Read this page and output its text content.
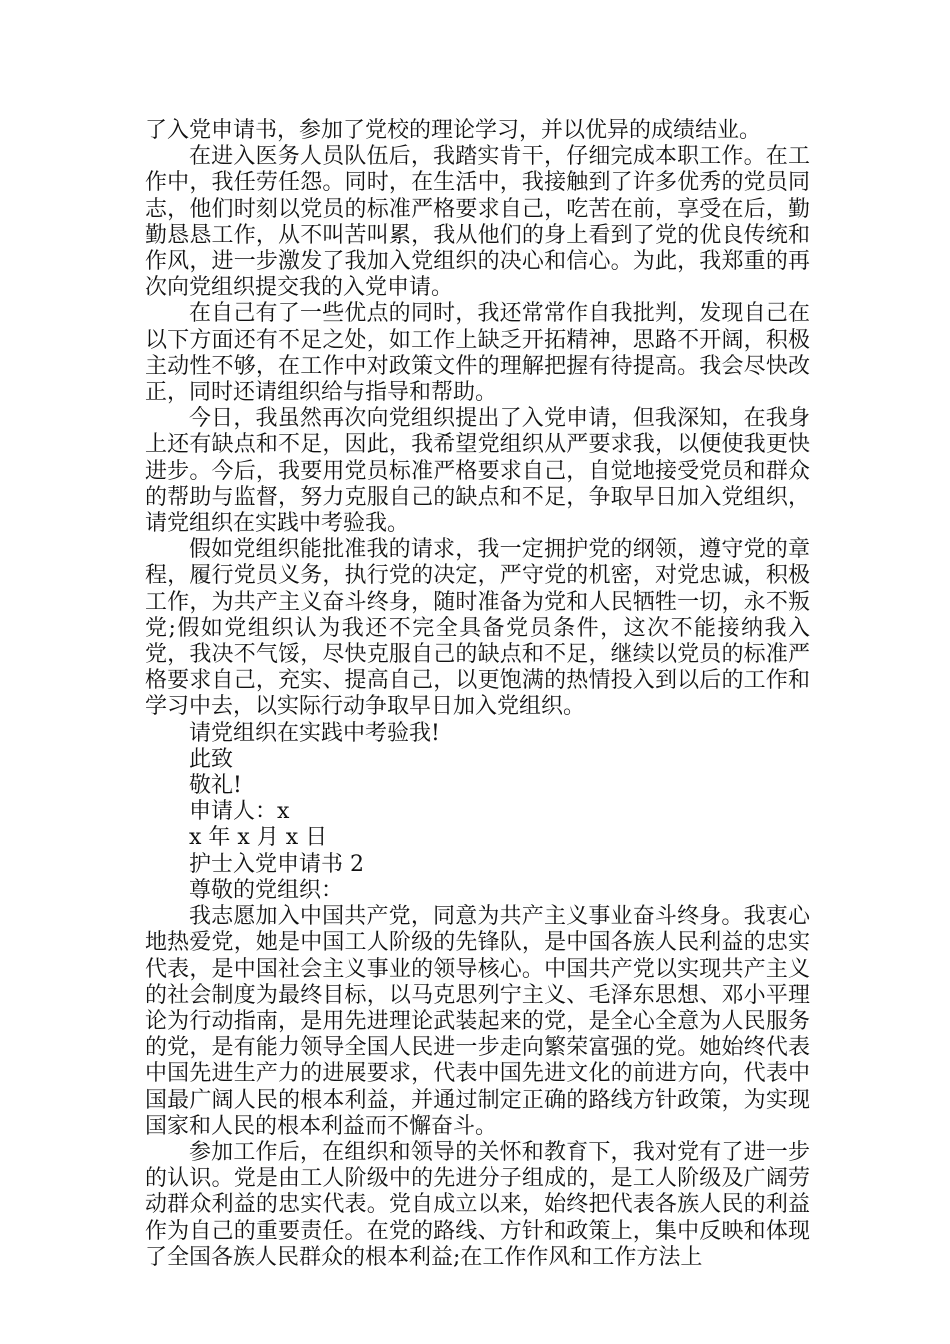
了入党申请书，参加了党校的理论学习，并以优异的成绩结业。

在进入医务人员队伍后，我踏实肯干，仔细完成本职工作。在工作中，我任劳任怨。同时，在生活中，我接触到了许多优秀的党员同志，他们时刻以党员的标准严格要求自己，吃苦在前，享受在后，勤勤恳恳工作，从不叫苦叫累，我从他们的身上看到了党的优良传统和作风，进一步激发了我加入党组织的决心和信心。为此，我郑重的再次向党组织提交我的入党申请。

在自己有了一些优点的同时，我还常常作自我批判，发现自己在以下方面还有不足之处，如工作上缺乏开拓精神，思路不开阔，积极主动性不够，在工作中对政策文件的理解把握有待提高。我会尽快改正，同时还请组织给与指导和帮助。

今日，我虽然再次向党组织提出了入党申请，但我深知，在我身上还有缺点和不足，因此，我希望党组织从严要求我，以便使我更快进步。今后，我要用党员标准严格要求自己，自觉地接受党员和群众的帮助与监督，努力克服自己的缺点和不足，争取早日加入党组织，请党组织在实践中考验我。

假如党组织能批准我的请求，我一定拥护党的纲领，遵守党的章程，履行党员义务，执行党的决定，严守党的机密，对党忠诚，积极工作，为共产主义奋斗终身，随时准备为党和人民牺牲一切，永不叛党;假如党组织认为我还不完全具备党员条件，这次不能接纳我入党，我决不气馁，尽快克服自己的缺点和不足，继续以党员的标准严格要求自己，充实、提高自己，以更饱满的热情投入到以后的工作和学习中去，以实际行动争取早日加入党组织。

请党组织在实践中考验我!

此致

敬礼!

申请人：x

x 年 x 月 x 日

护士入党申请书 2

尊敬的党组织：

我志愿加入中国共产党，同意为共产主义事业奋斗终身。我衷心地热爱党，她是中国工人阶级的先锋队，是中国各族人民利益的忠实代表，是中国社会主义事业的领导核心。中国共产党以实现共产主义的社会制度为最终目标，以马克思列宁主义、毛泽东思想、邓小平理论为行动指南，是用先进理论武装起来的党，是全心全意为人民服务的党，是有能力领导全国人民进一步走向繁荣富强的党。她始终代表中国先进生产力的进展要求，代表中国先进文化的前进方向，代表中国最广阔人民的根本利益，并通过制定正确的路线方针政策，为实现国家和人民的根本利益而不懈奋斗。

参加工作后，在组织和领导的关怀和教育下，我对党有了进一步的认识。党是由工人阶级中的先进分子组成的，是工人阶级及广阔劳动群众利益的忠实代表。党自成立以来，始终把代表各族人民的利益作为自己的重要责任。在党的路线、方针和政策上，集中反映和体现了全国各族人民群众的根本利益;在工作作风和工作方法上
